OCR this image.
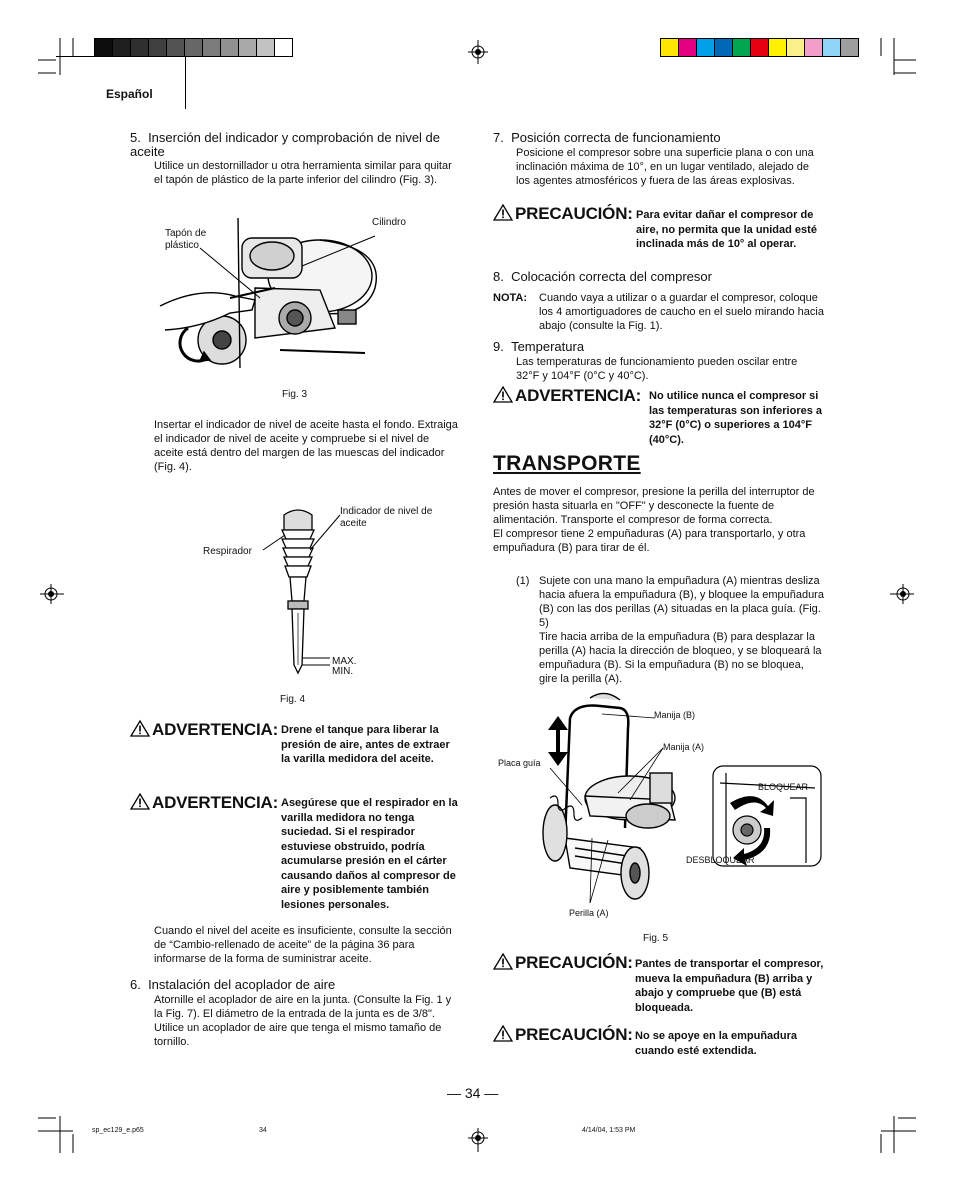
Español
5.  Inserción del indicador y comprobación de nivel de aceite
Utilice un destornillador u otra herramienta similar para quitar el tapón de plástico de la parte inferior del cilindro (Fig. 3).
Tapón de plástico
Cilindro
Fig. 3
Insertar el indicador de nivel de aceite hasta el fondo. Extraiga el indicador de nivel de aceite y compruebe si el nivel de aceite está dentro del margen de las muescas del indicador (Fig. 4).
Indicador de nivel de aceite
Respirador
MAX.
MIN.
Fig. 4
ADVERTENCIA: Drene el tanque para liberar la presión de aire, antes de extraer la varilla medidora del aceite.
ADVERTENCIA: Asegúrese que el respirador en la varilla medidora no tenga suciedad. Si el respirador estuviese obstruido, podría acumularse presión en el cárter causando daños al compresor de aire y posiblemente también lesiones personales.
Cuando el nivel del aceite es insuficiente, consulte la sección de “Cambio-rellenado de aceite” de la página 36 para informarse de la forma de suministrar aceite.
6.  Instalación del acoplador de aire
Atornille el acoplador de aire en la junta. (Consulte la Fig. 1 y la Fig. 7). El diámetro de la entrada de la junta es de 3/8". Utilice un acoplador de aire que tenga el mismo tamaño de tornillo.
7.  Posición correcta de funcionamiento
Posicione el compresor sobre una superficie plana o con una inclinación máxima de 10°, en un lugar ventilado, alejado de los agentes atmosféricos y fuera de las áreas explosivas.
PRECAUCIÓN: Para evitar dañar el compresor de aire, no permita que la unidad esté inclinada más de 10° al operar.
8.  Colocación correcta del compresor
NOTA: Cuando vaya a utilizar o a guardar el compresor, coloque los 4 amortiguadores de caucho en el suelo mirando hacia abajo (consulte la Fig. 1).
9.  Temperatura
Las temperaturas de funcionamiento pueden oscilar entre 32°F y 104°F (0°C y 40°C).
ADVERTENCIA: No utilice nunca el compresor si las temperaturas son inferiores a 32°F (0°C) o superiores a 104°F (40°C).
TRANSPORTE
Antes de mover el compresor, presione la perilla del interruptor de presión hasta situarla en "OFF" y desconecte la fuente de alimentación. Transporte el compresor de forma correcta.
El compresor tiene 2 empuñaduras (A) para transportarlo, y otra empuñadura (B) para tirar de él.
(1) Sujete con una mano la empuñadura (A) mientras desliza hacia afuera la empuñadura (B), y bloquee la empuñadura (B) con las dos perillas (A) situadas en la placa guía. (Fig. 5)
Tire hacia arriba de la empuñadura (B) para desplazar la perilla (A) hacia la dirección de bloqueo, y se bloqueará la empuñadura (B). Si la empuñadura (B) no se bloquea, gire la perilla (A).
Manija (B)
Manija (A)
Placa guía
BLOQUEAR
DESBLOQUEAR
Perilla (A)
Fig. 5
PRECAUCIÓN: Pantes de transportar el compresor, mueva la empuñadura (B) arriba y abajo y compruebe que (B) está bloqueada.
PRECAUCIÓN: No se apoye en la empuñadura cuando esté extendida.
— 34 —
sp_ec129_e.p65	34	4/14/04, 1:53 PM
